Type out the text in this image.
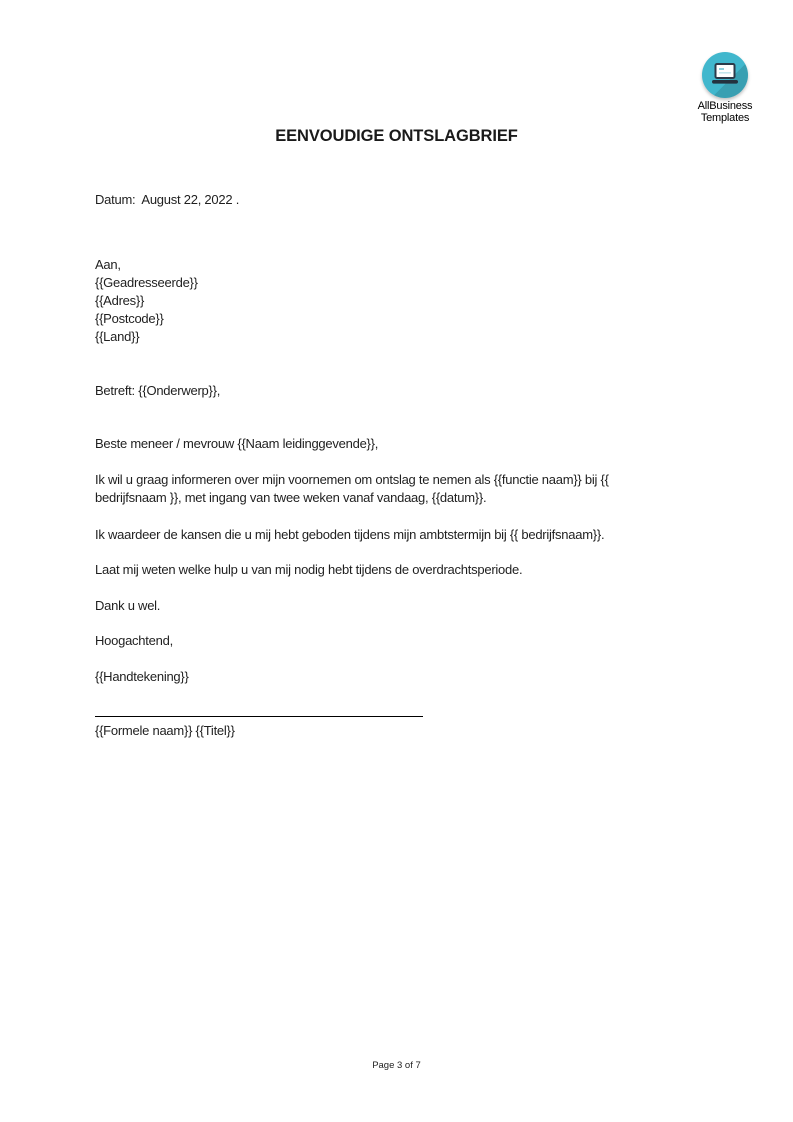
AllBusiness
Templates
EENVOUDIGE ONTSLAGBRIEF
Datum:  August 22, 2022 .
Aan,
{{Geadresseerde}}
{{Adres}}
{{Postcode}}
{{Land}}
Betreft: {{Onderwerp}},
Beste meneer / mevrouw {{Naam leidinggevende}},

Ik wil u graag informeren over mijn voornemen om ontslag te nemen als {{functie naam}} bij {{ bedrijfsnaam }}, met ingang van twee weken vanaf vandaag, {{datum}}.

Ik waardeer de kansen die u mij hebt geboden tijdens mijn ambtstermijn bij {{ bedrijfsnaam}}.

Laat mij weten welke hulp u van mij nodig hebt tijdens de overdrachtsperiode.

Dank u wel.

Hoogachtend,
{{Handtekening}}
{{Formele naam}} {{Titel}}
Page 3 of 7
